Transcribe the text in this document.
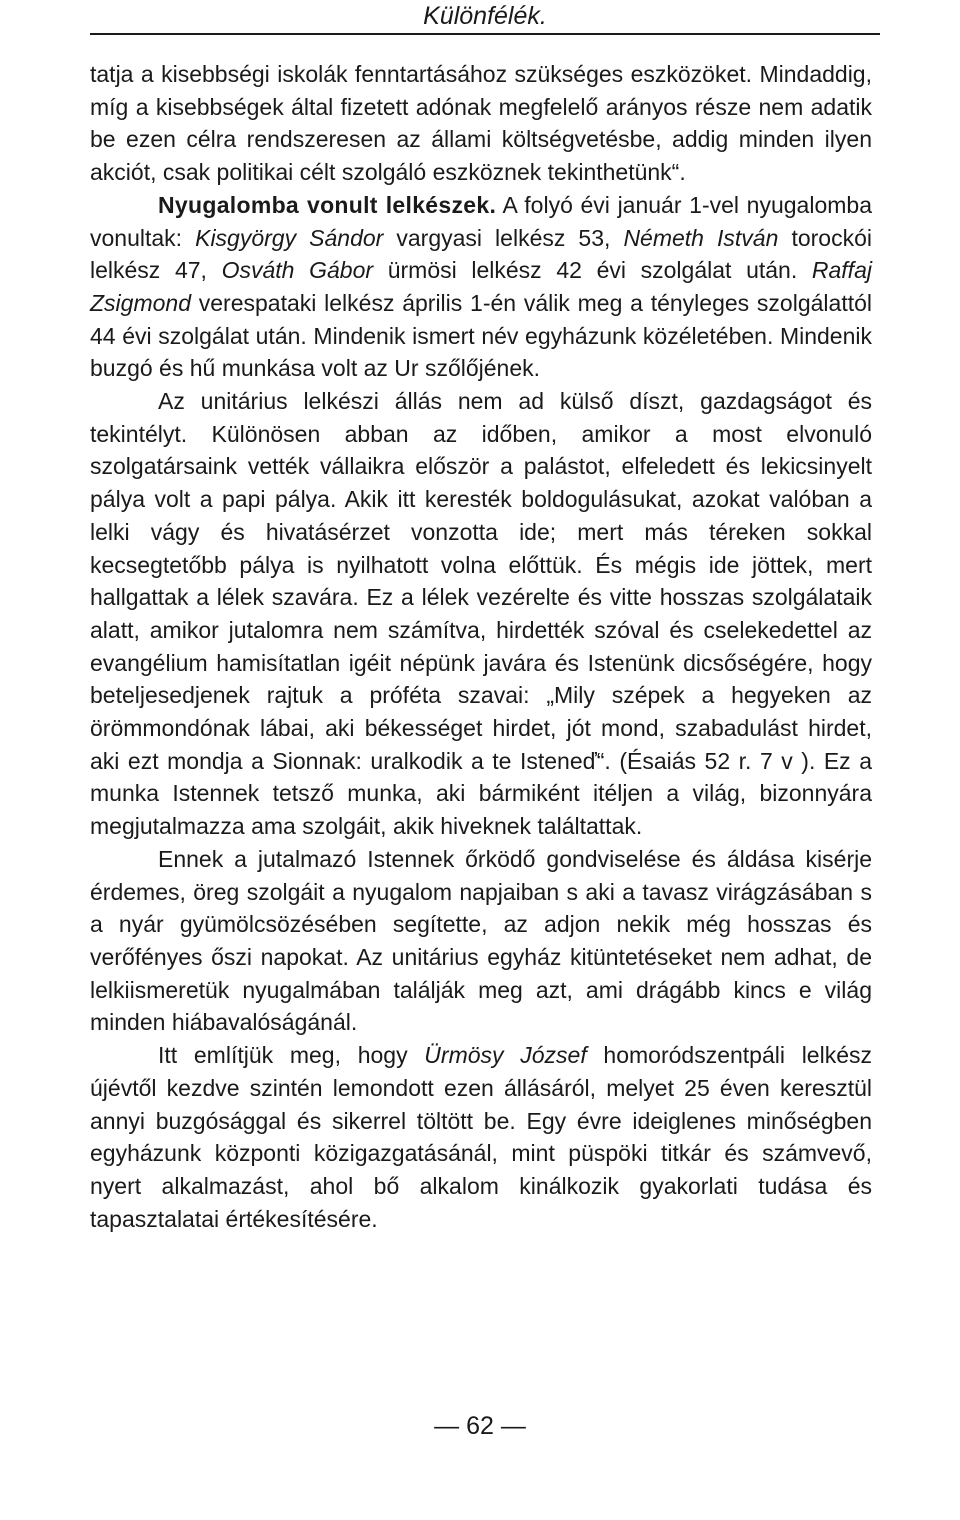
Különfélék.

tatja a kisebbségi iskolák fenntartásához szükséges eszközöket. Mindaddig, míg a kisebbségek által fizetett adónak megfelelő arányos része nem adatik be ezen célra rendszeresen az állami költségvetésbe, addig minden ilyen akciót, csak politikai célt szolgáló eszköznek tekinthetünk“.

Nyugalomba vonult lelkészek. A folyó évi január 1-vel nyugalomba vonultak: Kisgyörgy Sándor vargyasi lelkész 53, Németh István torockói lelkész 47, Osváth Gábor ürmösi lelkész 42 évi szolgálat után. Raffaj Zsigmond verespataki lelkész április 1-én válik meg a tényleges szolgálattól 44 évi szolgálat után. Mindenik ismert név egyházunk közéletében. Mindenik buzgó és hű munkása volt az Ur szőlőjének.

Az unitárius lelkészi állás nem ad külső díszt, gazdagságot és tekintélyt. Különösen abban az időben, amikor a most elvonuló szolgatársaink vették vállaikra először a palástot, elfeledett és lekicsinyelt pálya volt a papi pálya. Akik itt keresték boldogulásukat, azokat valóban a lelki vágy és hivatásérzet vonzotta ide; mert más téreken sokkal kecsegtetőbb pálya is nyilhatott volna előttük. És mégis ide jöttek, mert hallgattak a lélek szavára. Ez a lélek vezérelte és vitte hosszas szolgálataik alatt, amikor jutalomra nem számítva, hirdették szóval és cselekedettel az evangélium hamisítatlan igéit népünk javára és Istenünk dicsőségére, hogy beteljesedjenek rajtuk a próféta szavai: „Mily szépek a hegyeken az örömmondónak lábai, aki békességet hirdet, jót mond, szabadulást hirdet, aki ezt mondja a Sionnak: uralkodik a te Isteneď“. (Ésaiás 52 r. 7 v ). Ez a munka Istennek tetsző munka, aki bármiként itéljen a világ, bizonnyára megjutalmazza ama szolgáit, akik hiveknek találtattak.

Ennek a jutalmazó Istennek őrködő gondviselése és áldása kisérje érdemes, öreg szolgáit a nyugalom napjaiban s aki a tavasz virágzásában s a nyár gyümölcsözésében segítette, az adjon nekik még hosszas és verőfényes őszi napokat. Az unitárius egyház kitüntetéseket nem adhat, de lelkiismeretük nyugalmában találják meg azt, ami drágább kincs e világ minden hiábavalóságánál.

Itt említjük meg, hogy Ürmösy József homoródszentpáli lelkész újévtől kezdve szintén lemondott ezen állásáról, melyet 25 éven keresztül annyi buzgósággal és sikerrel töltött be. Egy évre ideiglenes minőségben egyházunk központi közigazgatásánál, mint püspöki titkár és számvevő, nyert alkalmazást, ahol bő alkalom kinálkozik gyakorlati tudása és tapasztalatai értékesítésére.

— 62 —
